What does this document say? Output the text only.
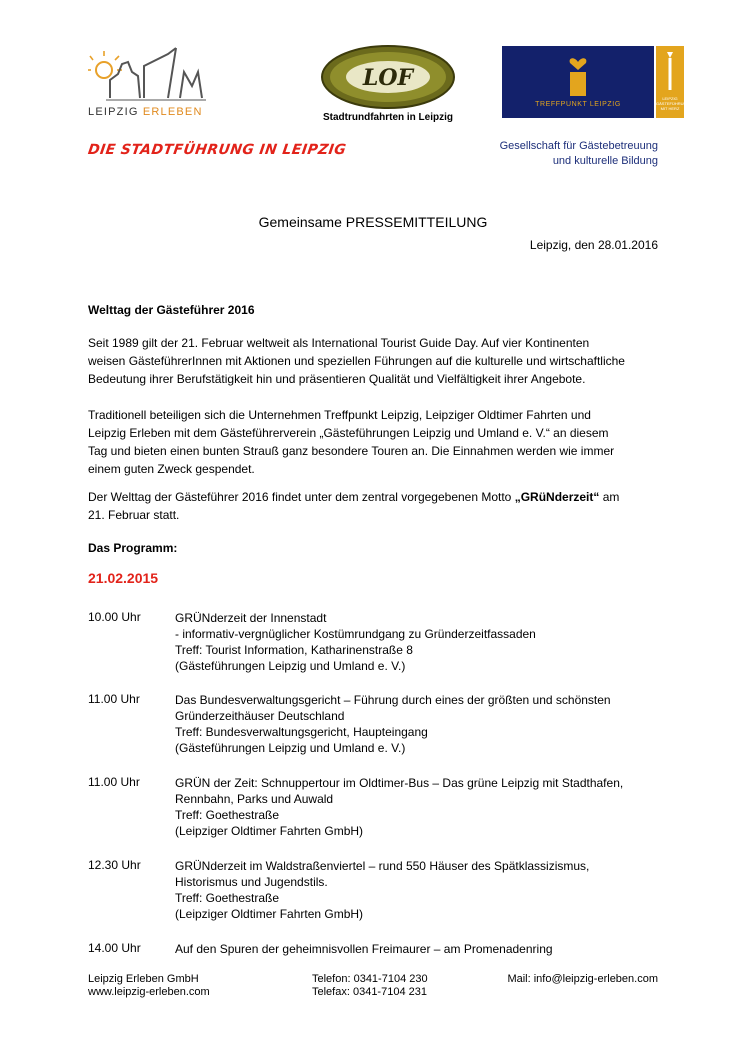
LEIPZIG ERLEBEN
LOF
Stadtrundfahrten in Leipzig
TREFFPUNKT LEIPZIG
LEIPZIG GÄSTEFÜHRUNG MIT HERZ
DIE STADTFÜHRUNG IN LEIPZIG	Gesellschaft für Gästebetreuung
und kulturelle Bildung
Gemeinsame PRESSEMITTEILUNG
Leipzig, den 28.01.2016
Welttag der Gästeführer 2016
Seit 1989 gilt der 21. Februar weltweit als International Tourist Guide Day. Auf vier Kontinenten
weisen GästeführerInnen mit Aktionen und speziellen Führungen auf die kulturelle und wirtschaftliche
Bedeutung ihrer Berufstätigkeit hin und präsentieren Qualität und Vielfältigkeit ihrer Angebote.
Traditionell beteiligen sich die Unternehmen Treffpunkt Leipzig, Leipziger Oldtimer Fahrten und
Leipzig Erleben mit dem Gästeführerverein „Gästeführungen Leipzig und Umland e. V.“ an diesem
Tag und bieten einen bunten Strauß ganz besondere Touren an. Die Einnahmen werden wie immer
einem guten Zweck gespendet.
Der Welttag der Gästeführer 2016 findet unter dem zentral vorgegebenen Motto „GRüNderzeit“ am
21. Februar statt.
Das Programm:
21.02.2015
10.00 Uhr	GRÜNderzeit der Innenstadt
- informativ-vergnüglicher Kostümrundgang zu Gründerzeitfassaden
Treff: Tourist Information, Katharinenstraße 8
(Gästeführungen Leipzig und Umland e. V.)
11.00 Uhr	Das Bundesverwaltungsgericht – Führung durch eines der größten und schönsten
Gründerzeithäuser Deutschland
Treff: Bundesverwaltungsgericht, Haupteingang
(Gästeführungen Leipzig und Umland e. V.)
11.00 Uhr	GRÜN der Zeit: Schnuppertour im Oldtimer-Bus – Das grüne Leipzig mit Stadthafen,
Rennbahn, Parks und Auwald
Treff: Goethestraße
(Leipziger Oldtimer Fahrten GmbH)
12.30 Uhr	GRÜNderzeit im Waldstraßenviertel – rund 550 Häuser des Spätklassizismus,
Historismus und Jugendstils.
Treff: Goethestraße
(Leipziger Oldtimer Fahrten GmbH)
14.00 Uhr	Auf den Spuren der geheimnisvollen Freimaurer – am Promenadenring
Leipzig Erleben GmbH
www.leipzig-erleben.com
Telefon: 0341-7104 230
Telefax: 0341-7104 231
Mail: info@leipzig-erleben.com
